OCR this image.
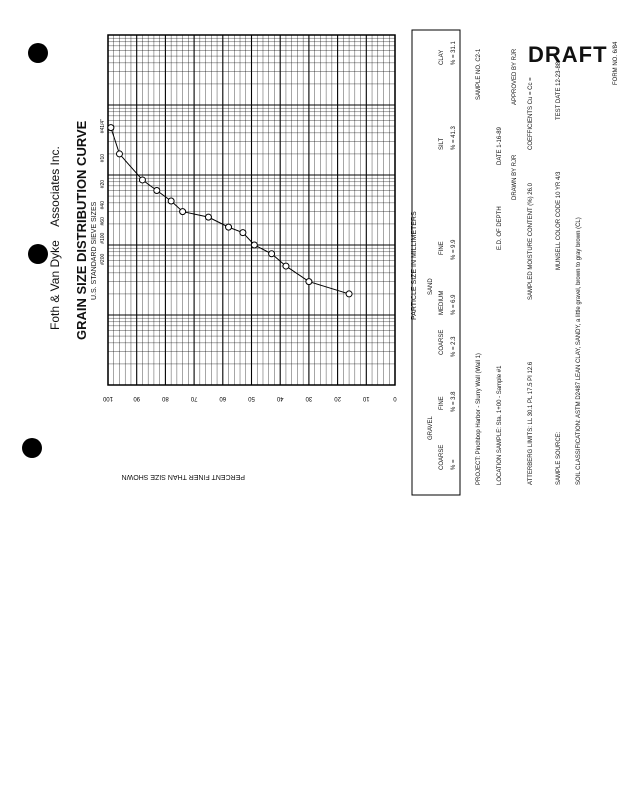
DRAFT
Foth & Van Dyke Associates Inc. GRAIN SIZE DISTRIBUTION CURVE U.S. STANDARD SIEVE SIZES
100	90	80	70	60	50	40	30	20	10	0
1/4"
#4
#10
#20
#40
#60
#100
#200
PERCENT FINER THAN SIZE SHOWN
PARTICLE SIZE IN MILLIMETERS
GRAVEL
SAND
COARSE
FINE
COARSE
MEDIUM
FINE
SILT
CLAY
% =
% = 3.8
% = 2.3
% = 6.9
% = 9.9
% = 41.3
% = 31.1
PROJECT: Pinchbop Harbor - Slurry Wall (Wall 1)
SAMPLE NO. C2-1
LOCATION SAMPLE: Sta. 1+00 - Sample #1
E.D. OF DEPTH
DATE 1-16-89
DRAWN BY RJR
APPROVED BY RJR
ATTERBERG LIMITS: LL 30.1 PL 17.5 PI 12.6
SAMPLED MOISTURE CONTENT (%) 26.0
COEFFICIENTS Cu = Cc =
SAMPLE SOURCE:
MUNSELL COLOR CODE 10 YR 4/3
TEST DATE 12-23-88
SOIL CLASSIFICATION: ASTM D2487 LEAN CLAY, SANDY, a little gravel, brown to gray brown (CL)
FORM NO. 6/84
